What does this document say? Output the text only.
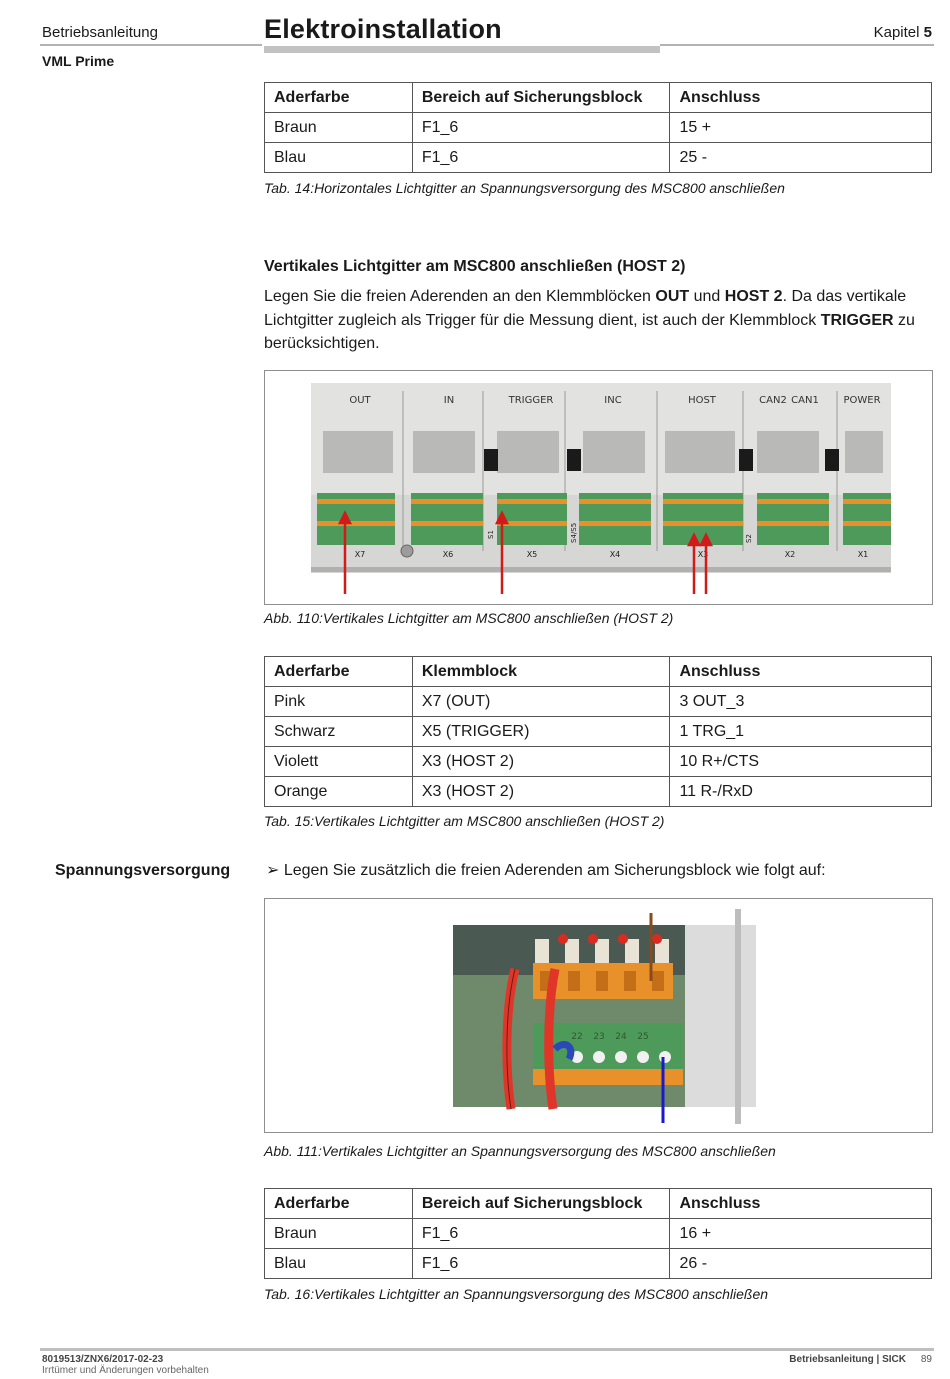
Betriebsanleitung	Elektroinstallation	Kapitel 5
VML Prime
Aderfarbe	Bereich auf Sicherungsblock	Anschluss
Braun	F1_6	15 +
Blau	F1_6	25 -
Tab. 14:Horizontales Lichtgitter an Spannungsversorgung des MSC800 anschließen
Vertikales Lichtgitter am MSC800 anschließen (HOST 2)
Legen Sie die freien Aderenden an den Klemmblöcken OUT und HOST 2. Da das vertikale Lichtgitter zugleich als Trigger für die Messung dient, ist auch der Klemmblock TRIGGER zu berücksichtigen.
OUT	IN	TRIGGER	INC	HOST	CAN2 CAN1 POWER
X7	X6	X5	X4	X3	X2	X1
S1	S4/S5	S2
Abb. 110:Vertikales Lichtgitter am MSC800 anschließen (HOST 2)
Aderfarbe	Klemmblock	Anschluss
Pink	X7 (OUT)	3 OUT_3
Schwarz	X5 (TRIGGER)	1 TRG_1
Violett	X3 (HOST 2)	10 R+/CTS
Orange	X3 (HOST 2)	11 R-/RxD
Tab. 15:Vertikales Lichtgitter am MSC800 anschließen (HOST 2)
Spannungsversorgung ➢ Legen Sie zusätzlich die freien Aderenden am Sicherungsblock wie folgt auf:
22 23 24 25
Abb. 111:Vertikales Lichtgitter an Spannungsversorgung des MSC800 anschließen
Aderfarbe	Bereich auf Sicherungsblock	Anschluss
Braun	F1_6	16 +
Blau	F1_6	26 -
Tab. 16:Vertikales Lichtgitter an Spannungsversorgung des MSC800 anschließen
8019513/ZNX6/2017-02-23
Irrtümer und Änderungen vorbehalten
Betriebsanleitung | SICK 89
